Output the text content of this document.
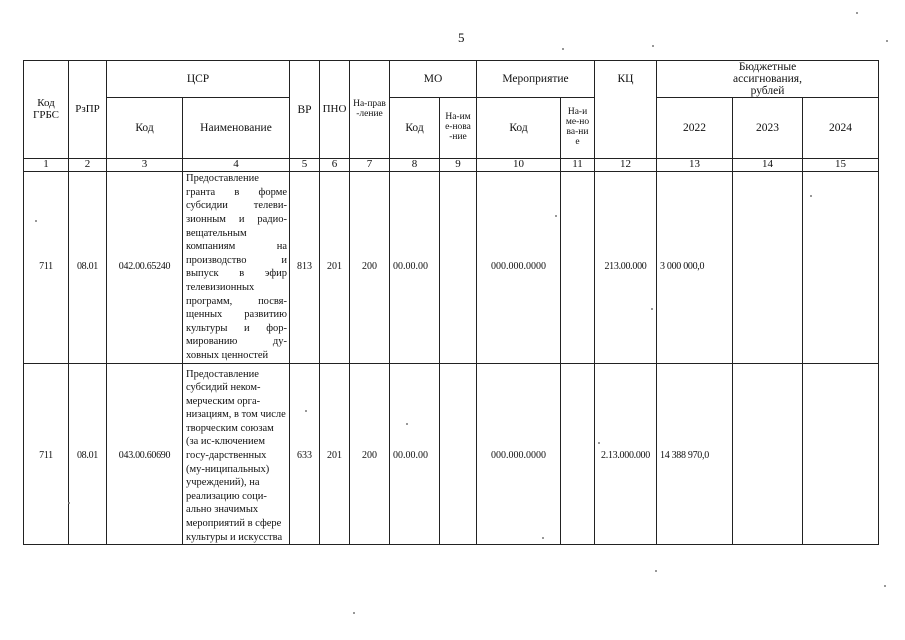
5
Код ГРБС	РзПР	ЦСР		ВР	ПНО	На-прав-ление	МО		Мероприятие		КЦ	Бюджетные ассигнования, рублей		
		Код	Наименование				Код	На-име-нова-ние	Код	На-име-нова-ние		2022	2023	2024
1	2	3	4	5	6	7	8	9	10	11	12	13	14	15
711	08.01	042.00.65240	Предоставление гранта в форме субсидии телеви-зионным и радио-вещательным компаниям на производство и выпуск в эфир телевизионных программ, посвя-щенных развитию культуры и фор-мированию ду-ховных ценностей	813	201	200	00.00.00		000.000.0000		213.00.000	3 000 000,0		
711	08.01	043.00.60690	Предоставление субсидий неком-мерческим орга-низациям, в том числе творческим союзам (за ис-ключением госу-дарственных (му-ниципальных) учреждений), на реализацию соци-ально значимых мероприятий в сфере культуры и искусства	633	201	200	00.00.00		000.000.0000		2.13.000.000	14 388 970,0		
